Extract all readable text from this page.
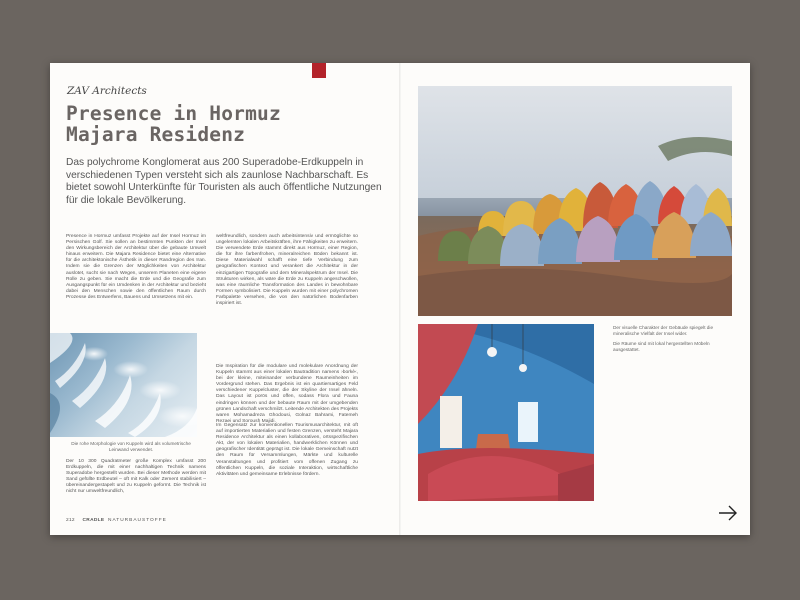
ZAV Architects
Presence in Hormuz
Majara Residenz
Das polychrome Konglomerat aus 200 Superadobe-Erdkuppeln in verschiedenen Typen versteht sich als zaunlose Nachbarschaft. Es bietet sowohl Unterkünfte für Touristen als auch öffentliche Nutzungen für die lokale Bevölkerung.

Presence in Hormuz umfasst Projekte auf der Insel Hormuz im Persischen Golf. Sie sollen an bestimmten Punkten der Insel den Wirkungsbereich der Architektur über die gebaute Umwelt hinaus erweitern. Die Majara Residence bietet eine Alternative für die architektonische Ästhetik in dieser Randregion des Iran. Indem sie die Grenzen der Möglichkeiten von Architektur auslotet, sucht sie nach Wegen, unserem Planeten eine eigene Rolle zu geben. Sie macht die Erde und die Geografie zum Ausgangspunkt für ein Umdenken in der Architektur und bezieht dabei den Menschen sowie den öffentlichen Raum durch Prozesse des Entwerfens, Bauens und Umsetzens mit ein.

Die rohe Morphologie von Kuppeln wird als volumetrische Leinwand verwendet.

Der 10 300 Quadratmeter große Komplex umfasst 200 Erdkuppeln, die mit einer nachhaltigen Technik namens Superadobe hergestellt wurden. Bei dieser Methode werden mit Sand gefüllte Erdbeutel – oft mit Kalk oder Zement stabilisiert – übereinandergestapelt und zu Kuppeln geformt. Die Technik ist nicht nur umweltfreundlich,

weltfreundlich, sondern auch arbeitsintensiv und ermöglichte so ungelernten lokalen Arbeitskräften, ihre Fähigkeiten zu erweitern. Die verwendete Erde stammt direkt aus Hormuz, einer Region, die für ihre farbenfrohen, mineralreichen Böden bekannt ist. Diese Materialwahl schafft eine tiefe Verbindung zum geografischen Kontext und verankert die Architektur in der einzigartigen Topografie und dem Mineralspektrum der Insel. Die Strukturen wirken, als wäre die Erde zu Kuppeln angeschwollen, was eine räumliche Transformation des Landes in bewohnbare Formen symbolisiert. Die Kuppeln wurden mit einer polychromen Farbpalette versehen, die von den natürlichen Bodenfarben inspiriert ist.

Die Inspiration für die modulare und molekulare Anordnung der Kuppeln stammt aus einer lokalen Bautradition namens ›borkè‹, bei der kleine, miteinander verbundene Raumeinheiten im Vordergrund stehen. Das Ergebnis ist ein quartiersartiges Feld verschiedener Kuppelcluster, die der Skyline der Insel ähneln. Das Layout ist porös und offen, sodass Flora und Fauna eindringen können und der bebaute Raum mit der umgebenden grünen Landschaft verschmilzt. Leitende Architekten des Projekts waren Mohamadreza Ghodousi, Golnaz Bahrami, Fatemeh Rezaei und Soroush Majidi.

Im Gegensatz zur konventionellen Tourismusarchitektur, mit oft auf importierten Materialien und festen Grenzen, versteht Majara Residence Architektur als einen kollaborativen, ortsspezifischen Akt, der von lokalen Materialien, handwerklichen Können und geografischer Identität geprägt ist. Die lokale Gemeinschaft nutzt den Raum für Versammlungen, Märkte und kulturelle Veranstaltungen und profitiert vom offenen Zugang zu öffentlichen Kuppeln, die soziale Interaktion, wirtschaftliche Aktivitäten und gemeinsame Erlebnisse fördern.

212 CRADLE NATURBAUSTOFFE

Der visuelle Charakter der Gebäude spiegelt die mineralische Vielfalt der Insel wider.

Die Räume sind mit lokal hergestellten Möbeln ausgestattet.
